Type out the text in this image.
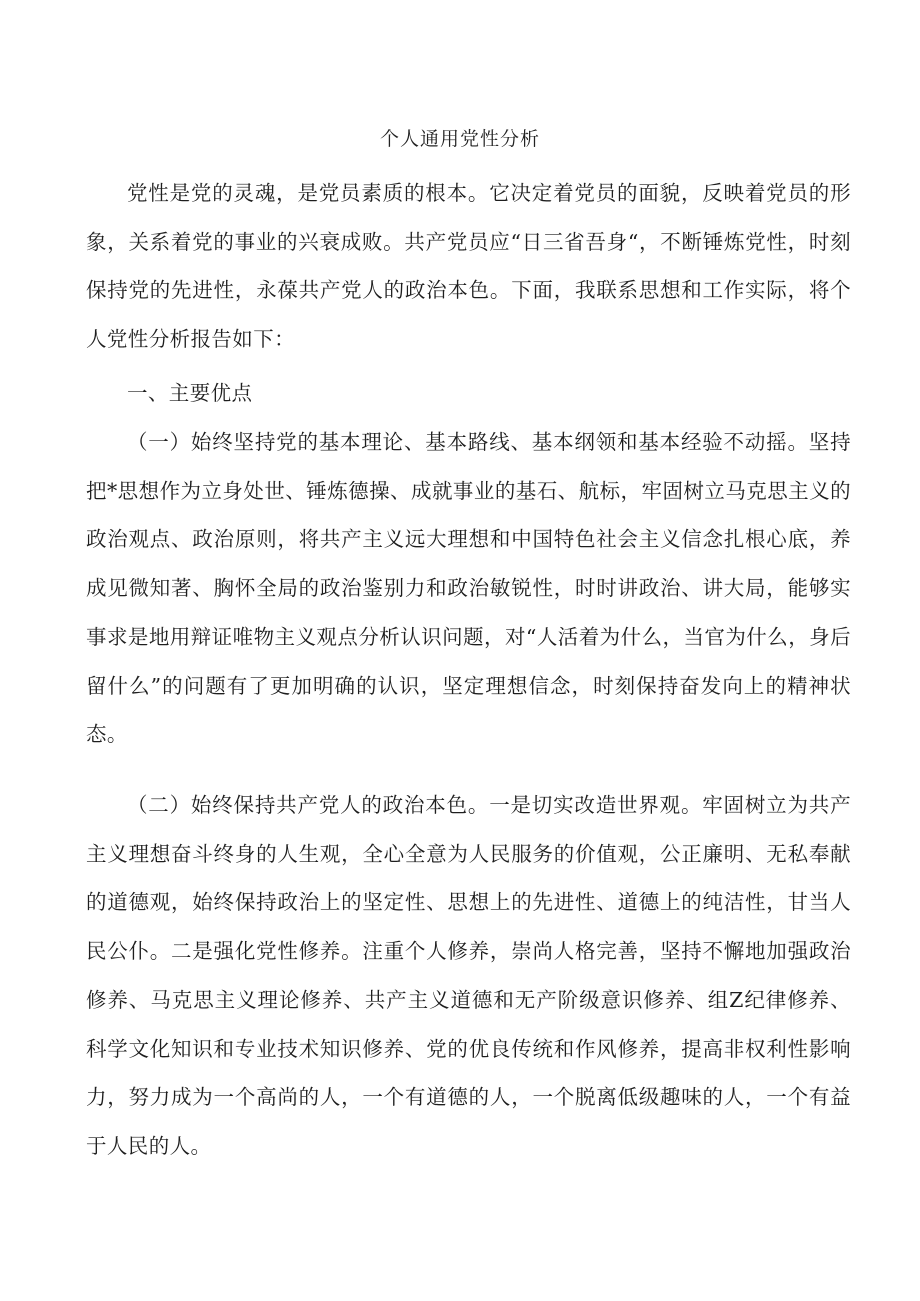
个人通用党性分析

党性是党的灵魂，是党员素质的根本。它决定着党员的面貌，反映着党员的形象，关系着党的事业的兴衰成败。共产党员应“日三省吾身“，不断锤炼党性，时刻保持党的先进性，永葆共产党人的政治本色。下面，我联系思想和工作实际，将个人党性分析报告如下：

一、主要优点

（一）始终坚持党的基本理论、基本路线、基本纲领和基本经验不动摇。坚持把*思想作为立身处世、锤炼德操、成就事业的基石、航标，牢固树立马克思主义的政治观点、政治原则，将共产主义远大理想和中国特色社会主义信念扎根心底，养成见微知著、胸怀全局的政治鉴别力和政治敏锐性，时时讲政治、讲大局，能够实事求是地用辩证唯物主义观点分析认识问题，对“人活着为什么，当官为什么，身后留什么”的问题有了更加明确的认识，坚定理想信念，时刻保持奋发向上的精神状态。

（二）始终保持共产党人的政治本色。一是切实改造世界观。牢固树立为共产主义理想奋斗终身的人生观，全心全意为人民服务的价值观，公正廉明、无私奉献的道德观，始终保持政治上的坚定性、思想上的先进性、道德上的纯洁性，甘当人民公仆。二是强化党性修养。注重个人修养，崇尚人格完善，坚持不懈地加强政治修养、马克思主义理论修养、共产主义道德和无产阶级意识修养、组Z纪律修养、科学文化知识和专业技术知识修养、党的优良传统和作风修养，提高非权利性影响力，努力成为一个高尚的人，一个有道德的人，一个脱离低级趣味的人，一个有益于人民的人。
